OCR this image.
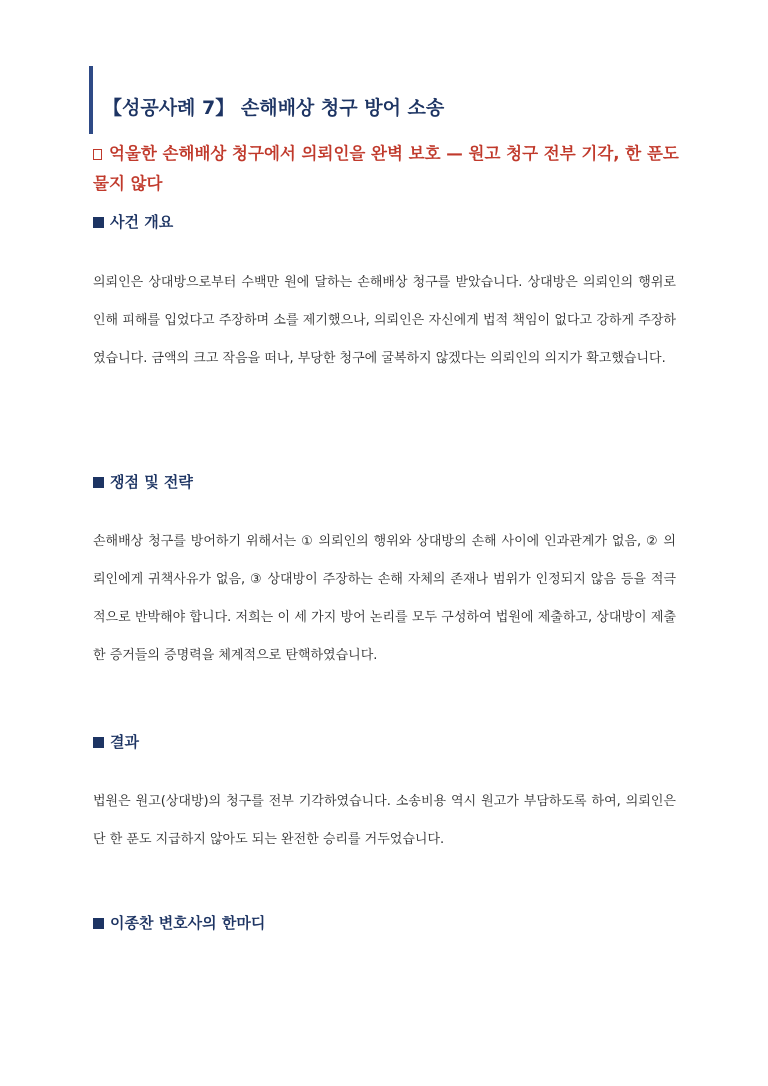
【성공사례 7】 손해배상 청구 방어 소송
억울한 손해배상 청구에서 의뢰인을 완벽 보호 — 원고 청구 전부 기각, 한 푼도 물지 않다
사건 개요
의뢰인은 상대방으로부터 수백만 원에 달하는 손해배상 청구를 받았습니다. 상대방은 의뢰인의 행위로 인해 피해를 입었다고 주장하며 소를 제기했으나, 의뢰인은 자신에게 법적 책임이 없다고 강하게 주장하였습니다. 금액의 크고 작음을 떠나, 부당한 청구에 굴복하지 않겠다는 의뢰인의 의지가 확고했습니다.
쟁점 및 전략
손해배상 청구를 방어하기 위해서는 ① 의뢰인의 행위와 상대방의 손해 사이에 인과관계가 없음, ② 의뢰인에게 귀책사유가 없음, ③ 상대방이 주장하는 손해 자체의 존재나 범위가 인정되지 않음 등을 적극적으로 반박해야 합니다. 저희는 이 세 가지 방어 논리를 모두 구성하여 법원에 제출하고, 상대방이 제출한 증거들의 증명력을 체계적으로 탄핵하였습니다.
결과
법원은 원고(상대방)의 청구를 전부 기각하였습니다. 소송비용 역시 원고가 부담하도록 하여, 의뢰인은 단 한 푼도 지급하지 않아도 되는 완전한 승리를 거두었습니다.
이종찬 변호사의 한마디
